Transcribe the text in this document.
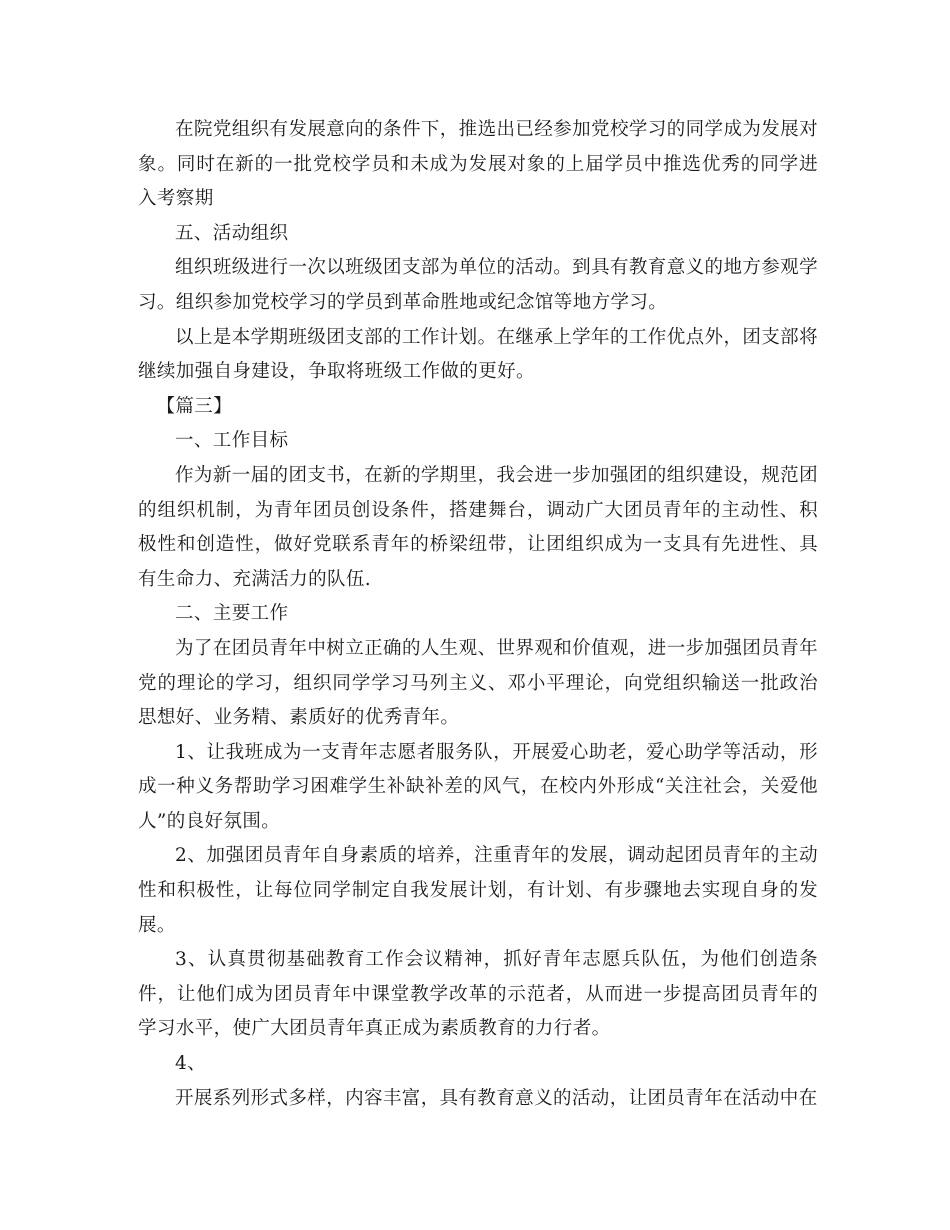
在院党组织有发展意向的条件下，推选出已经参加党校学习的同学成为发展对象。同时在新的一批党校学员和未成为发展对象的上届学员中推选优秀的同学进入考察期

五、活动组织

组织班级进行一次以班级团支部为单位的活动。到具有教育意义的地方参观学习。组织参加党校学习的学员到革命胜地或纪念馆等地方学习。

以上是本学期班级团支部的工作计划。在继承上学年的工作优点外，团支部将继续加强自身建设，争取将班级工作做的更好。

【篇三】

一、工作目标

作为新一届的团支书，在新的学期里，我会进一步加强团的组织建设，规范团的组织机制，为青年团员创设条件，搭建舞台，调动广大团员青年的主动性、积极性和创造性，做好党联系青年的桥梁纽带，让团组织成为一支具有先进性、具有生命力、充满活力的队伍.

二、主要工作

为了在团员青年中树立正确的人生观、世界观和价值观，进一步加强团员青年党的理论的学习，组织同学学习马列主义、邓小平理论，向党组织输送一批政治思想好、业务精、素质好的优秀青年。

1、让我班成为一支青年志愿者服务队，开展爱心助老，爱心助学等活动，形成一种义务帮助学习困难学生补缺补差的风气，在校内外形成“关注社会，关爱他人”的良好氛围。

2、加强团员青年自身素质的培养，注重青年的发展，调动起团员青年的主动性和积极性，让每位同学制定自我发展计划，有计划、有步骤地去实现自身的发展。

3、认真贯彻基础教育工作会议精神，抓好青年志愿兵队伍，为他们创造条件，让他们成为团员青年中课堂教学改革的示范者，从而进一步提高团员青年的学习水平，使广大团员青年真正成为素质教育的力行者。

4、

开展系列形式多样，内容丰富，具有教育意义的活动，让团员青年在活动中在
